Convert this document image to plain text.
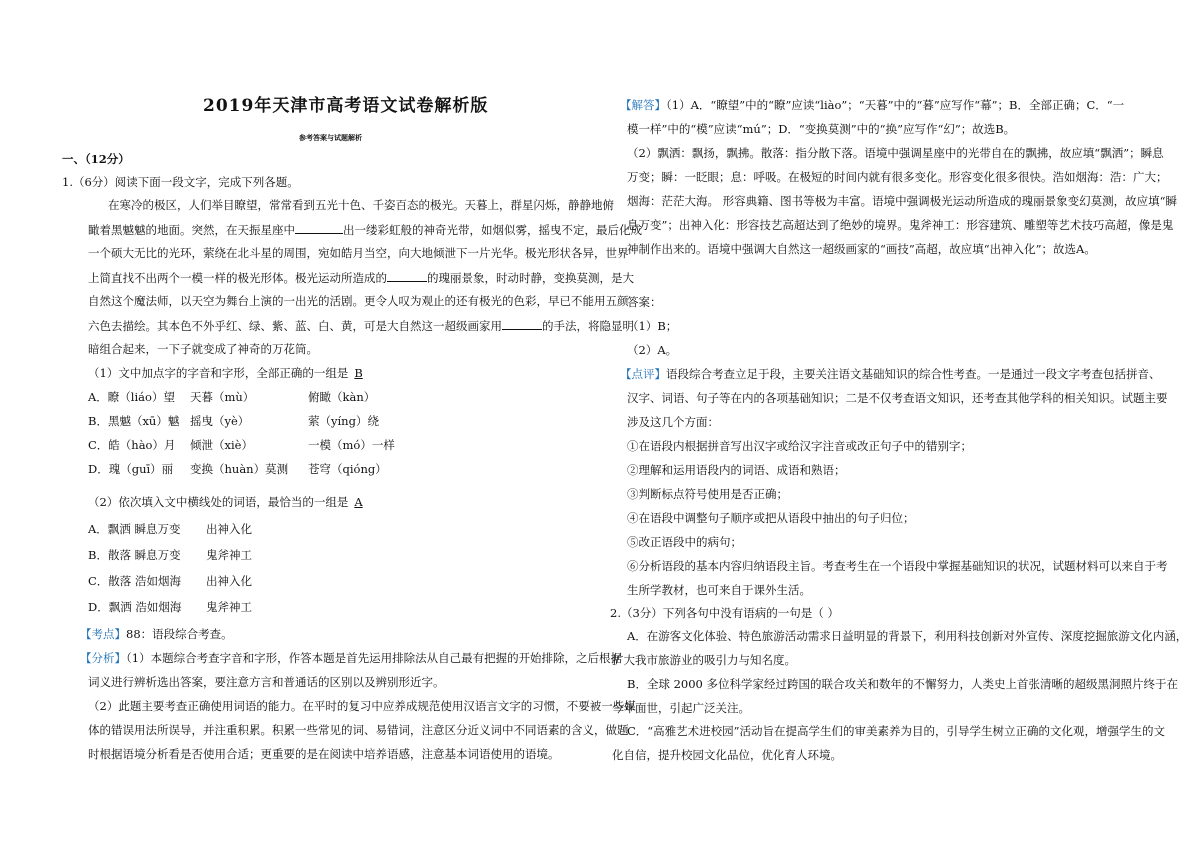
2019年天津市高考语文试卷解析版
参考答案与试题解析
一、（12分）
1.（6分）阅读下面一段文字，完成下列各题。
在寒冷的极区，人们举目瞭望，常常看到五光十色、千姿百态的极光。天暮上，群星闪烁，静静地俯
瞰着黑魆魆的地面。突然，在天振星座中	出一缕彩虹般的神奇光带，如烟似雾，摇曳不定，最后化成
一个硕大无比的光环，萦绕在北斗星的周围，宛如皓月当空，向大地倾泄下一片光华。极光形状各异，世界
上简直找不出两个一模一样的极光形体。极光运动所造成的	的瑰丽景象，时动时静，变换莫测，是大
自然这个魔法师，以天空为舞台上演的一出光的活剧。更令人叹为观止的还有极光的色彩，早已不能用五颜
六色去描绘。其本色不外乎红、绿、紫、蓝、白、黄，可是大自然这一超级画家用	的手法，将隐显明
暗组合起来，一下子就变成了神奇的万花筒。
（1）文中加点字的字音和字形，全部正确的一组是 B
A．瞭（liáo）望 天暮（mù）	俯瞰（kàn）
B．黑魆（xū）魆 摇曳（yè）	萦（yíng）绕
C．皓（hào）月 倾泄（xiè）	一模（mó）一样
D．瑰（guī）丽 变换（huàn）莫测 苍穹（qióng）
（2）依次填入文中横线处的词语，最恰当的一组是 A
A．飘洒 瞬息万变 出神入化
B．散落 瞬息万变 鬼斧神工
C．散落 浩如烟海 出神入化
D．飘洒 浩如烟海 鬼斧神工
【考点】88：语段综合考查。
【分析】（1）本题综合考查字音和字形，作答本题是首先运用排除法从自己最有把握的开始排除，之后根据
词义进行辨析选出答案，要注意方言和普通话的区别以及辨别形近字。
（2）此题主要考查正确使用词语的能力。在平时的复习中应养成规范使用汉语言文字的习惯，不要被一些媒
体的错误用法所误导，并注重积累。积累一些常见的词、易错词，注意区分近义词中不同语素的含义，做题
时根据语境分析看是否使用合适；更重要的是在阅读中培养语感，注意基本词语使用的语境。
【解答】（1）A．“瞭望”中的“瞭”应读“liào”；“天暮”中的“暮”应写作“幕”；B．全部正确；C．“一
模一样”中的“模”应读“mú”；D．“变换莫测”中的“换”应写作“幻”；故选B。
（2）飘洒：飘扬，飘拂。散落：指分散下落。语境中强调星座中的光带自在的飘拂，故应填“飘洒”；瞬息
万变；瞬：一眨眼；息：呼吸。在极短的时间内就有很多变化。形容变化很多很快。浩如烟海：浩：广大；
烟海：茫茫大海。 形容典籍、图书等极为丰富。语境中强调极光运动所造成的瑰丽景象变幻莫测，故应填“瞬
息万变”；出神入化：形容技艺高超达到了绝妙的境界。鬼斧神工：形容建筑、雕塑等艺术技巧高超，像是鬼
神制作出来的。语境中强调大自然这一超级画家的“画技”高超，故应填“出神入化”；故选A。
答案：
（1）B；
（2）A。
【点评】语段综合考查立足于段，主要关注语文基础知识的综合性考查。一是通过一段文字考查包括拼音、
汉字、词语、句子等在内的各项基础知识；二是不仅考查语文知识，还考查其他学科的相关知识。试题主要
涉及这几个方面：
①在语段内根据拼音写出汉字或给汉字注音或改正句子中的错别字；
②理解和运用语段内的词语、成语和熟语；
③判断标点符号使用是否正确；
④在语段中调整句子顺序或把从语段中抽出的句子归位；
⑤改正语段中的病句；
⑥分析语段的基本内容归纳语段主旨。考查考生在一个语段中掌握基础知识的状况，试题材料可以来自于考
生所学教材，也可来自于课外生活。
2.（3分）下列各句中没有语病的一句是（ ）
A．在游客文化体验、特色旅游活动需求日益明显的背景下，利用科技创新对外宣传、深度挖掘旅游文化内涵，
扩大我市旅游业的吸引力与知名度。
B．全球 2000 多位科学家经过跨国的联合攻关和数年的不懈努力，人类史上首张清晰的超级黑洞照片终于在
今年面世，引起广泛关注。
C．“高雅艺术进校园”活动旨在提高学生们的审美素养为目的，引导学生树立正确的文化观，增强学生的文
化自信，提升校园文化品位，优化育人环境。
